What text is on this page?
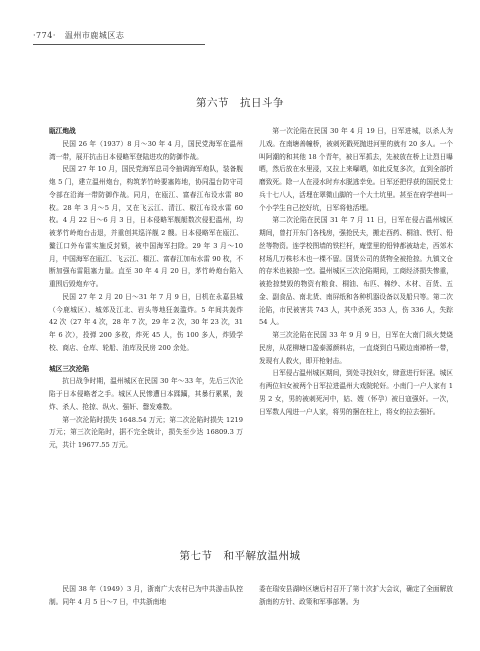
·774· 温州市鹿城区志
第六节　抗日斗争

瓯江炮战

民国 26 年（1937）8 月～30 年 4 月，国民党海军在温州湾一带，展开抗击日本侵略军登陆进攻的防御作战。

民国 27 年 10 月，国民党海军总司令抽调海军炮队，装备舰炮 5 门，建立温州炮台，构筑茅竹岭要塞阵地，协同温台防守司令部在沿海一带防御作战。同月，在瓯江、富春江布设水雷 80 枚。28 年 3 月～5 月，又在飞云江、清江、椒江布设水雷 60 枚。4 月 22 日～6 月 3 日，日本侵略军舰艇数次侵犯温州，均被茅竹岭炮台击退，并重创其巡洋舰 2 艘。日本侵略军在瓯江、鳌江口外布雷实施反封锁，被中国海军扫除。29 年 3 月～10 月，中国海军在瓯江、飞云江、椒江、富春江加布水雷 90 枚，不断加强布雷阻塞力量。直至 30 年 4 月 20 日，茅竹岭炮台陷入重围后毁炮弃守。

民国 27 年 2 月 20 日～31 年 7 月 9 日，日机在永嘉县城（今鹿城区）、城郊及江北、岩头等地狂轰滥炸。5 年间共轰炸 42 次（27 年 4 次，28 年 7 次，29 年 2 次，30 年 23 次，31 年 6 次），投弹 200 多枚，炸死 45 人，伤 100 多人，炸毁学校、商店、仓库、轮船、油库及民房 200 余处。

城区三次沦陷

抗日战争时期，温州城区在民国 30 年～33 年，先后三次沦陷于日本侵略者之手。城区人民惨遭日本蹂躏，其暴行累累，轰炸、杀人、抢掠、纵火、强奸、罄发难数。

第一次沦陷时损失 1648.54 万元；第二次沦陷时损失 1219 万元；第三次沦陷时，据不完全统计，损失至少达 16809.3 万元，共计 19677.55 万元。

第一次沦陷在民国 30 年 4 月 19 日，日军进城，以杀人为儿戏。在南塘善幢桥，被刺死戳死抛进河里的就有 20 多人。一个叫阿潮的和其他 18 个青年，被日军抓去，先被放在桥上让烈日曝晒，然后放在水里浸，又拉上来曝晒，如此反复多次，直到全部折磨致死。除一人在浸水时弃水脱逃幸免。日军还把俘获的国民党士兵十七八人，活埋在翠微山脚的一个大土坑里。甚至在府学巷叫一个小学生自己挖好坑，日军将他活埋。

第二次沦陷在民国 31 年 7 月 11 日，日军在侵占温州城区期间，曾打开东门各栈房，强抢民夫，搬走西药、桐油、铁钉、铅丝等物资。连学校图墙的铁栏杆，庵堂里的铅钟都被劫走，西郊木材场几万株杉木也一棵不留。国货公司的货物全被抢掠。九镇文仓的存米也被掠一空。温州城区三次沦陷期间，工商经济损失惨重，被抢掠焚毁的物资有粮食、桐油、布匹、棉纱、木材、百货、五金、副食品、南北货、南屏纸和各种机器设备以及船只等。第二次沦陷，市民被害共 743 人，其中杀死 353 人，伤 336 人，失踪 54 人。

第三次沦陷在民国 33 年 9 月 9 日，日军在大南门纵火焚烧民房，从花柳塘口盈泰源颜料店，一直烧到白马殿边南禅桥一带，发现有人救火，即开枪射击。

日军侵占温州城区期间，到处寻找妇女，肆意进行奸淫。城区有两位妇女被两个日军拉进温州大戏院轮奸。小南门一户人家有 1 男 2 女，男的被刺死河中，姑、嫂（怀孕）被日寇强奸。一次，日军数人闯进一户人家，将男的捆在柱上，将女的拉去强奸。

第七节　和平解放温州城

民国 38 年（1949）3 月，浙南广大农村已为中共游击队控制。同年 4 月 5 日～7 日，中共浙南地

委在瑞安县湖岭区塘后村召开了第十次扩大会议，确定了全面解放浙南的方针、政策和军事部署。为
